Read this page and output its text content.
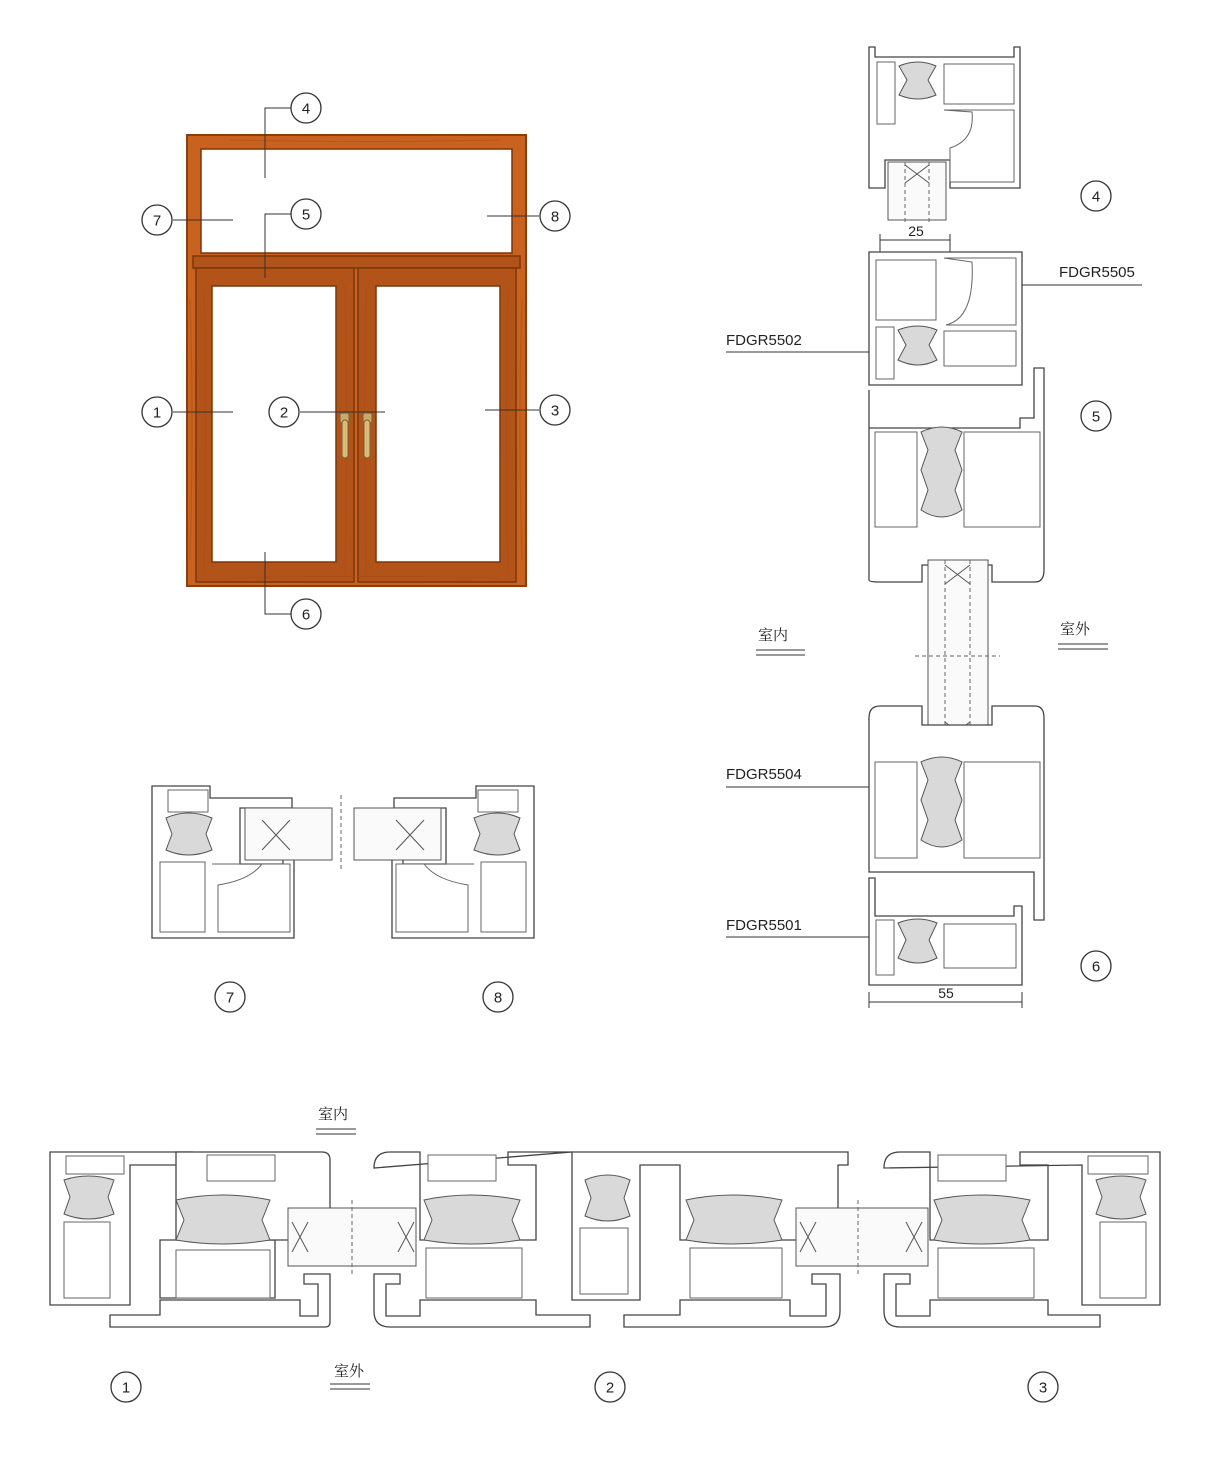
4
5
7	8
1	2	3
6
25
55
FDGR5505
FDGR5502
FDGR5504
FDGR5501
室内	室外
4
5
6
7	8
室内
室外
1	2	3
